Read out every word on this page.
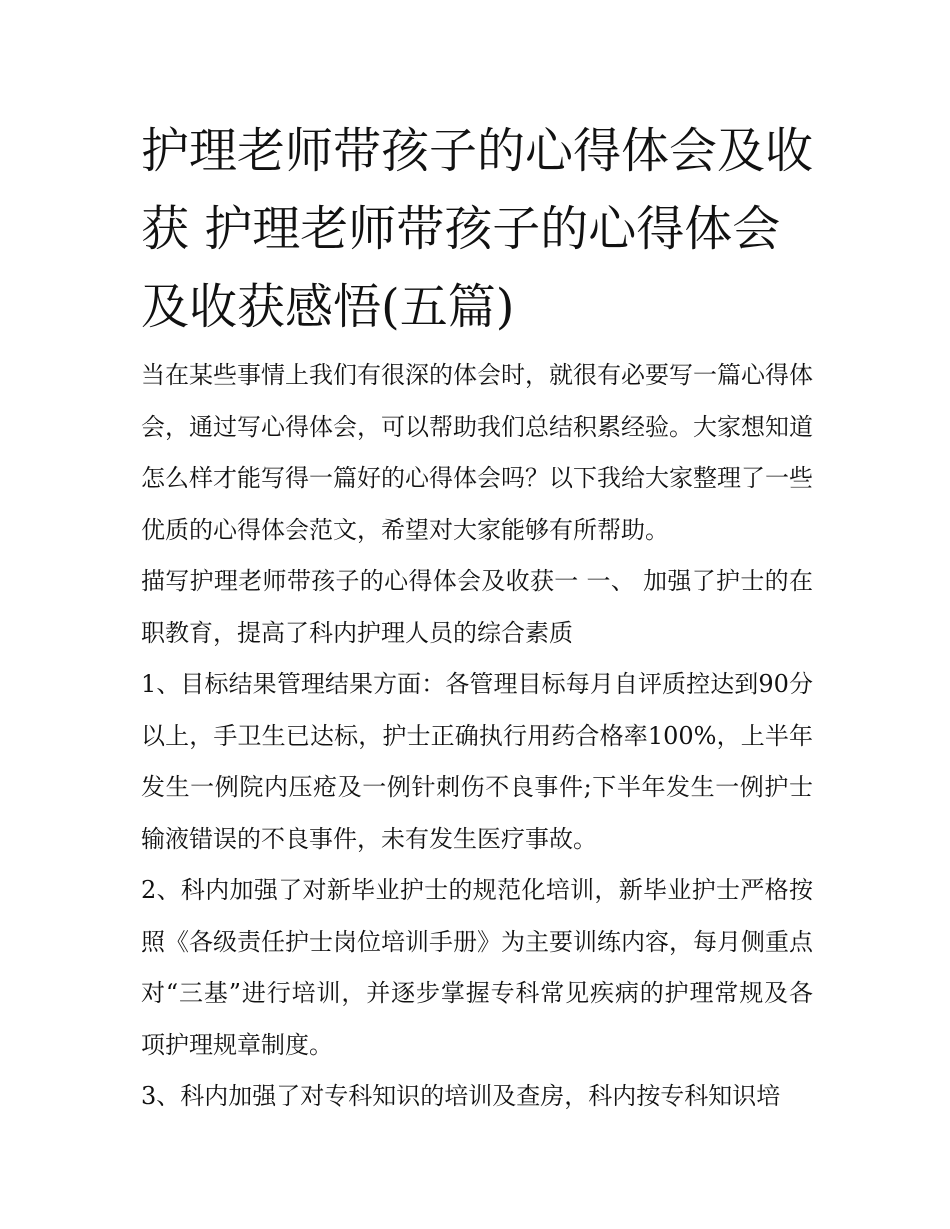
护理老师带孩子的心得体会及收获 护理老师带孩子的心得体会及收获感悟(五篇)

当在某些事情上我们有很深的体会时，就很有必要写一篇心得体会，通过写心得体会，可以帮助我们总结积累经验。大家想知道怎么样才能写得一篇好的心得体会吗？以下我给大家整理了一些优质的心得体会范文，希望对大家能够有所帮助。

描写护理老师带孩子的心得体会及收获一 一、 加强了护士的在职教育，提高了科内护理人员的综合素质

1、目标结果管理结果方面：各管理目标每月自评质控达到90分以上，手卫生已达标，护士正确执行用药合格率100%，上半年发生一例院内压疮及一例针刺伤不良事件;下半年发生一例护士输液错误的不良事件，未有发生医疗事故。

2、科内加强了对新毕业护士的规范化培训，新毕业护士严格按照《各级责任护士岗位培训手册》为主要训练内容，每月侧重点对“三基”进行培训，并逐步掌握专科常见疾病的护理常规及各项护理规章制度。

3、科内加强了对专科知识的培训及查房，科内按专科知识培
